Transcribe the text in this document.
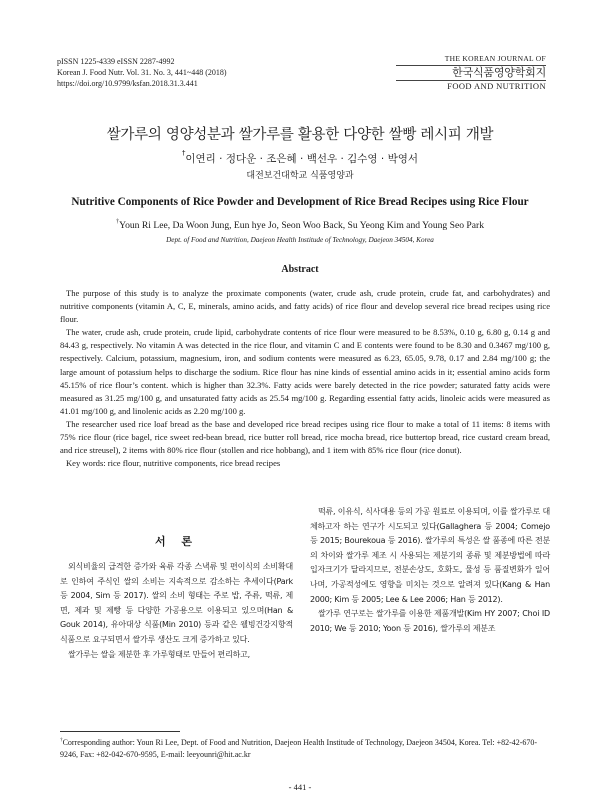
pISSN 1225-4339 eISSN 2287-4992
Korean J. Food Nutr. Vol. 31. No. 3, 441~448 (2018)
https://doi.org/10.9799/ksfan.2018.31.3.441
THE KOREAN JOURNAL OF
한국식품영양학회지
FOOD AND NUTRITION
쌀가루의 영양성분과 쌀가루를 활용한 다양한 쌀빵 레시피 개발
†이연리 · 정다운 · 조은혜 · 백선우 · 김수영 · 박영서
대전보건대학교 식품영양과
Nutritive Components of Rice Powder and Development of Rice Bread Recipes using Rice Flour
†Youn Ri Lee, Da Woon Jung, Eun hye Jo, Seon Woo Back, Su Yeong Kim and Young Seo Park
Dept. of Food and Nutrition, Daejeon Health Institude of Technology, Daejeon 34504, Korea
Abstract

The purpose of this study is to analyze the proximate components (water, crude ash, crude protein, crude fat, and carbohydrates) and nutritive components (vitamin A, C, E, minerals, amino acids, and fatty acids) of rice flour and develop several rice bread recipes using rice flour.

The water, crude ash, crude protein, crude lipid, carbohydrate contents of rice flour were measured to be 8.53%, 0.10 g, 6.80 g, 0.14 g and 84.43 g, respectively. No vitamin A was detected in the rice flour, and vitamin C and E contents were found to be 8.30 and 0.3467 mg/100 g, respectively. Calcium, potassium, magnesium, iron, and sodium contents were measured as 6.23, 65.05, 9.78, 0.17 and 2.84 mg/100 g; the large amount of potassium helps to discharge the sodium. Rice flour has nine kinds of essential amino acids in it; essential amino acids form 45.15% of rice flour’s content. which is higher than 32.3%. Fatty acids were barely detected in the rice powder; saturated fatty acids were measured as 31.25 mg/100 g, and unsaturated fatty acids as 25.54 mg/100 g. Regarding essential fatty acids, linoleic acids were measured as 41.01 mg/100 g, and linolenic acids as 2.20 mg/100 g.

The researcher used rice loaf bread as the base and developed rice bread recipes using rice flour to make a total of 11 items: 8 items with 75% rice flour (rice bagel, rice sweet red-bean bread, rice butter roll bread, rice mocha bread, rice buttertop bread, rice custard cream bread, and rice streusel), 2 items with 80% rice flour (stollen and rice hobbang), and 1 item with 85% rice flour (rice donut).

Key words: rice flour, nutritive components, rice bread recipes

서 론

외식비율의 급격한 증가와 육류 각종 스낵류 및 편이식의 소비확대로 인하여 주식인 쌀의 소비는 지속적으로 감소하는 추세이다(Park 등 2004, Sim 등 2017). 쌀의 소비 형태는 주로 밥, 주류, 떡류, 제면, 제과 및 제빵 등 다양한 가공용으로 이용되고 있으며(Han & Gouk 2014), 유아대상 식품(Min 2010) 등과 같은 웰빙건강지향적 식품으로 요구되면서 쌀가루 생산도 크게 증가하고 있다.

쌀가루는 쌀을 제분한 후 가루형태로 만들어 편리하고,

떡류, 이유식, 식사대용 등의 가공 원료로 이용되며, 이를 쌀가루로 대체하고자 하는 연구가 시도되고 있다(Gallaghera 등 2004; Comejo 등 2015; Bourekoua 등 2016). 쌀가루의 특성은 쌀 품종에 따른 전분의 차이와 쌀가루 제조 시 사용되는 제분기의 종류 및 제분방법에 따라 입자크기가 달라지므로, 전분손상도, 호화도, 물성 등 품질변화가 일어나며, 가공적성에도 영향을 미치는 것으로 알려져 있다(Kang & Han 2000; Kim 등 2005; Lee & Lee 2006; Han 등 2012).

쌀가루 연구로는 쌀가루를 이용한 제품개발(Kim HY 2007; Choi ID 2010; We 등 2010; Yoon 등 2016), 쌀가루의 제분조

†Corresponding author: Youn Ri Lee, Dept. of Food and Nutrition, Daejeon Health Institude of Technology, Daejeon 34504, Korea. Tel: +82-42-670-9246, Fax: +82-042-670-9595, E-mail: leeyounri@hit.ac.kr
- 441 -
